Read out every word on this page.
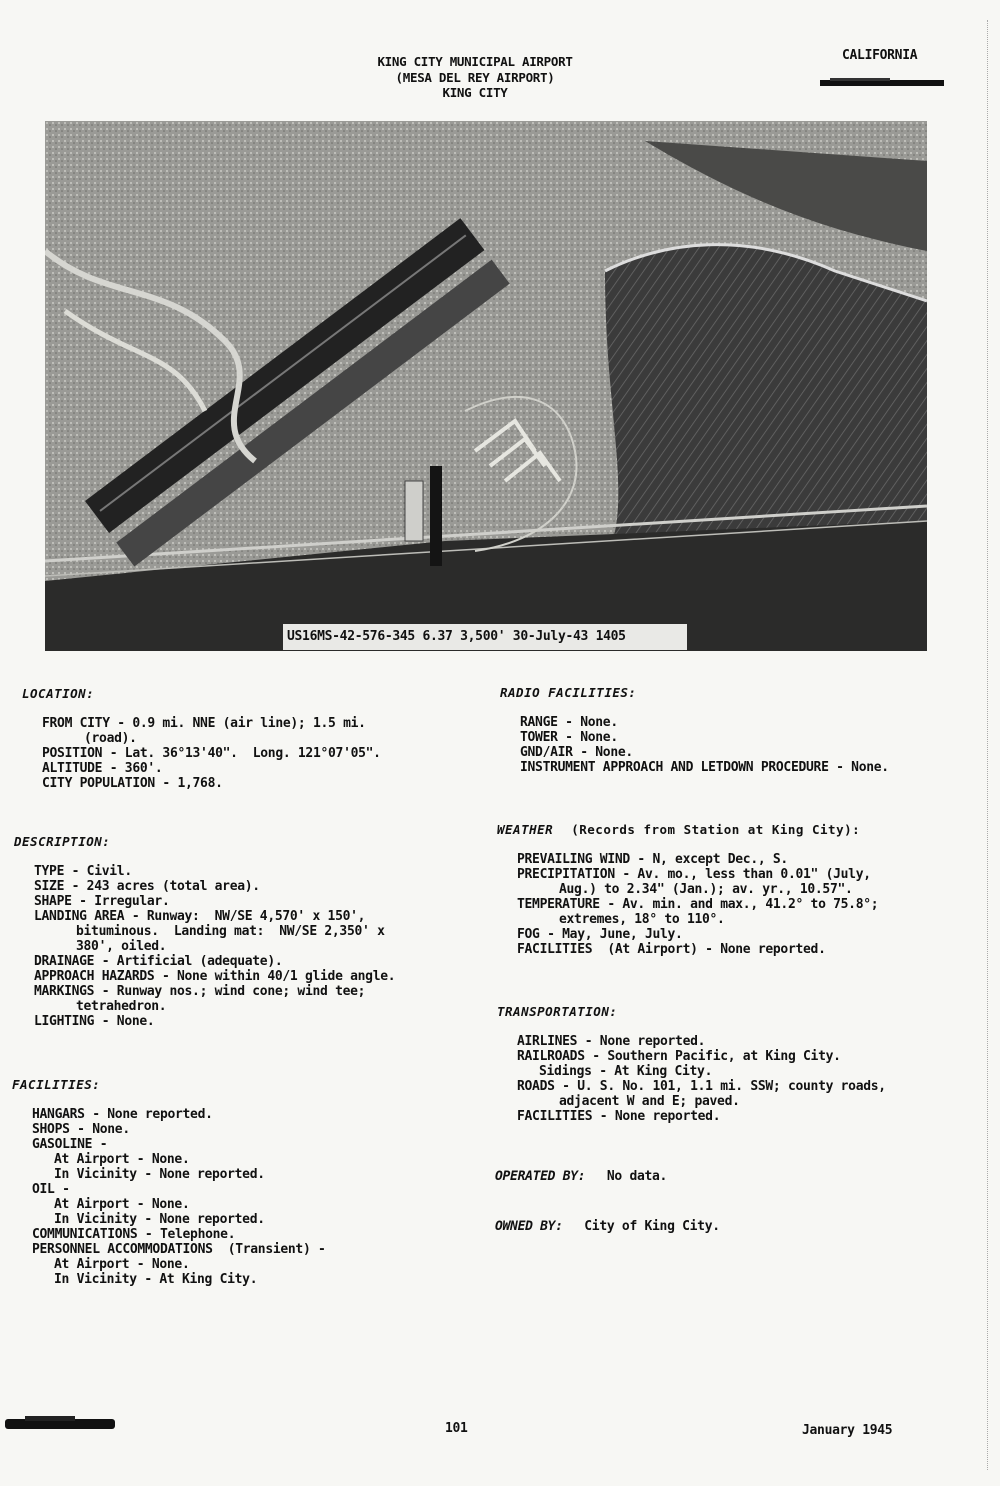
KING CITY MUNICIPAL AIRPORT
(MESA DEL REY AIRPORT)
KING CITY
CALIFORNIA
US16MS-42-576-345 6.37 3,500' 30-July-43 1405
LOCATION:
FROM CITY - 0.9 mi. NNE (air line); 1.5 mi.
(road).
POSITION - Lat. 36°13'40".  Long. 121°07'05".
ALTITUDE - 360'.
CITY POPULATION - 1,768.
DESCRIPTION:
TYPE - Civil.
SIZE - 243 acres (total area).
SHAPE - Irregular.
LANDING AREA - Runway:  NW/SE 4,570' x 150',
bituminous.  Landing mat:  NW/SE 2,350' x
380', oiled.
DRAINAGE - Artificial (adequate).
APPROACH HAZARDS - None within 40/1 glide angle.
MARKINGS - Runway nos.; wind cone; wind tee;
tetrahedron.
LIGHTING - None.
FACILITIES:
HANGARS - None reported.
SHOPS - None.
GASOLINE -
At Airport - None.
In Vicinity - None reported.
OIL -
At Airport - None.
In Vicinity - None reported.
COMMUNICATIONS - Telephone.
PERSONNEL ACCOMMODATIONS  (Transient) -
At Airport - None.
In Vicinity - At King City.
RADIO FACILITIES:
RANGE - None.
TOWER - None.
GND/AIR - None.
INSTRUMENT APPROACH AND LETDOWN PROCEDURE - None.
WEATHER (Records from Station at King City):
PREVAILING WIND - N, except Dec., S.
PRECIPITATION - Av. mo., less than 0.01" (July,
Aug.) to 2.34" (Jan.); av. yr., 10.57".
TEMPERATURE - Av. min. and max., 41.2° to 75.8°;
extremes, 18° to 110°.
FOG - May, June, July.
FACILITIES  (At Airport) - None reported.
TRANSPORTATION:
AIRLINES - None reported.
RAILROADS - Southern Pacific, at King City.
Sidings - At King City.
ROADS - U. S. No. 101, 1.1 mi. SSW; county roads,
adjacent W and E; paved.
FACILITIES - None reported.
OPERATED BY: No data.
OWNED BY: City of King City.
101	January 1945
